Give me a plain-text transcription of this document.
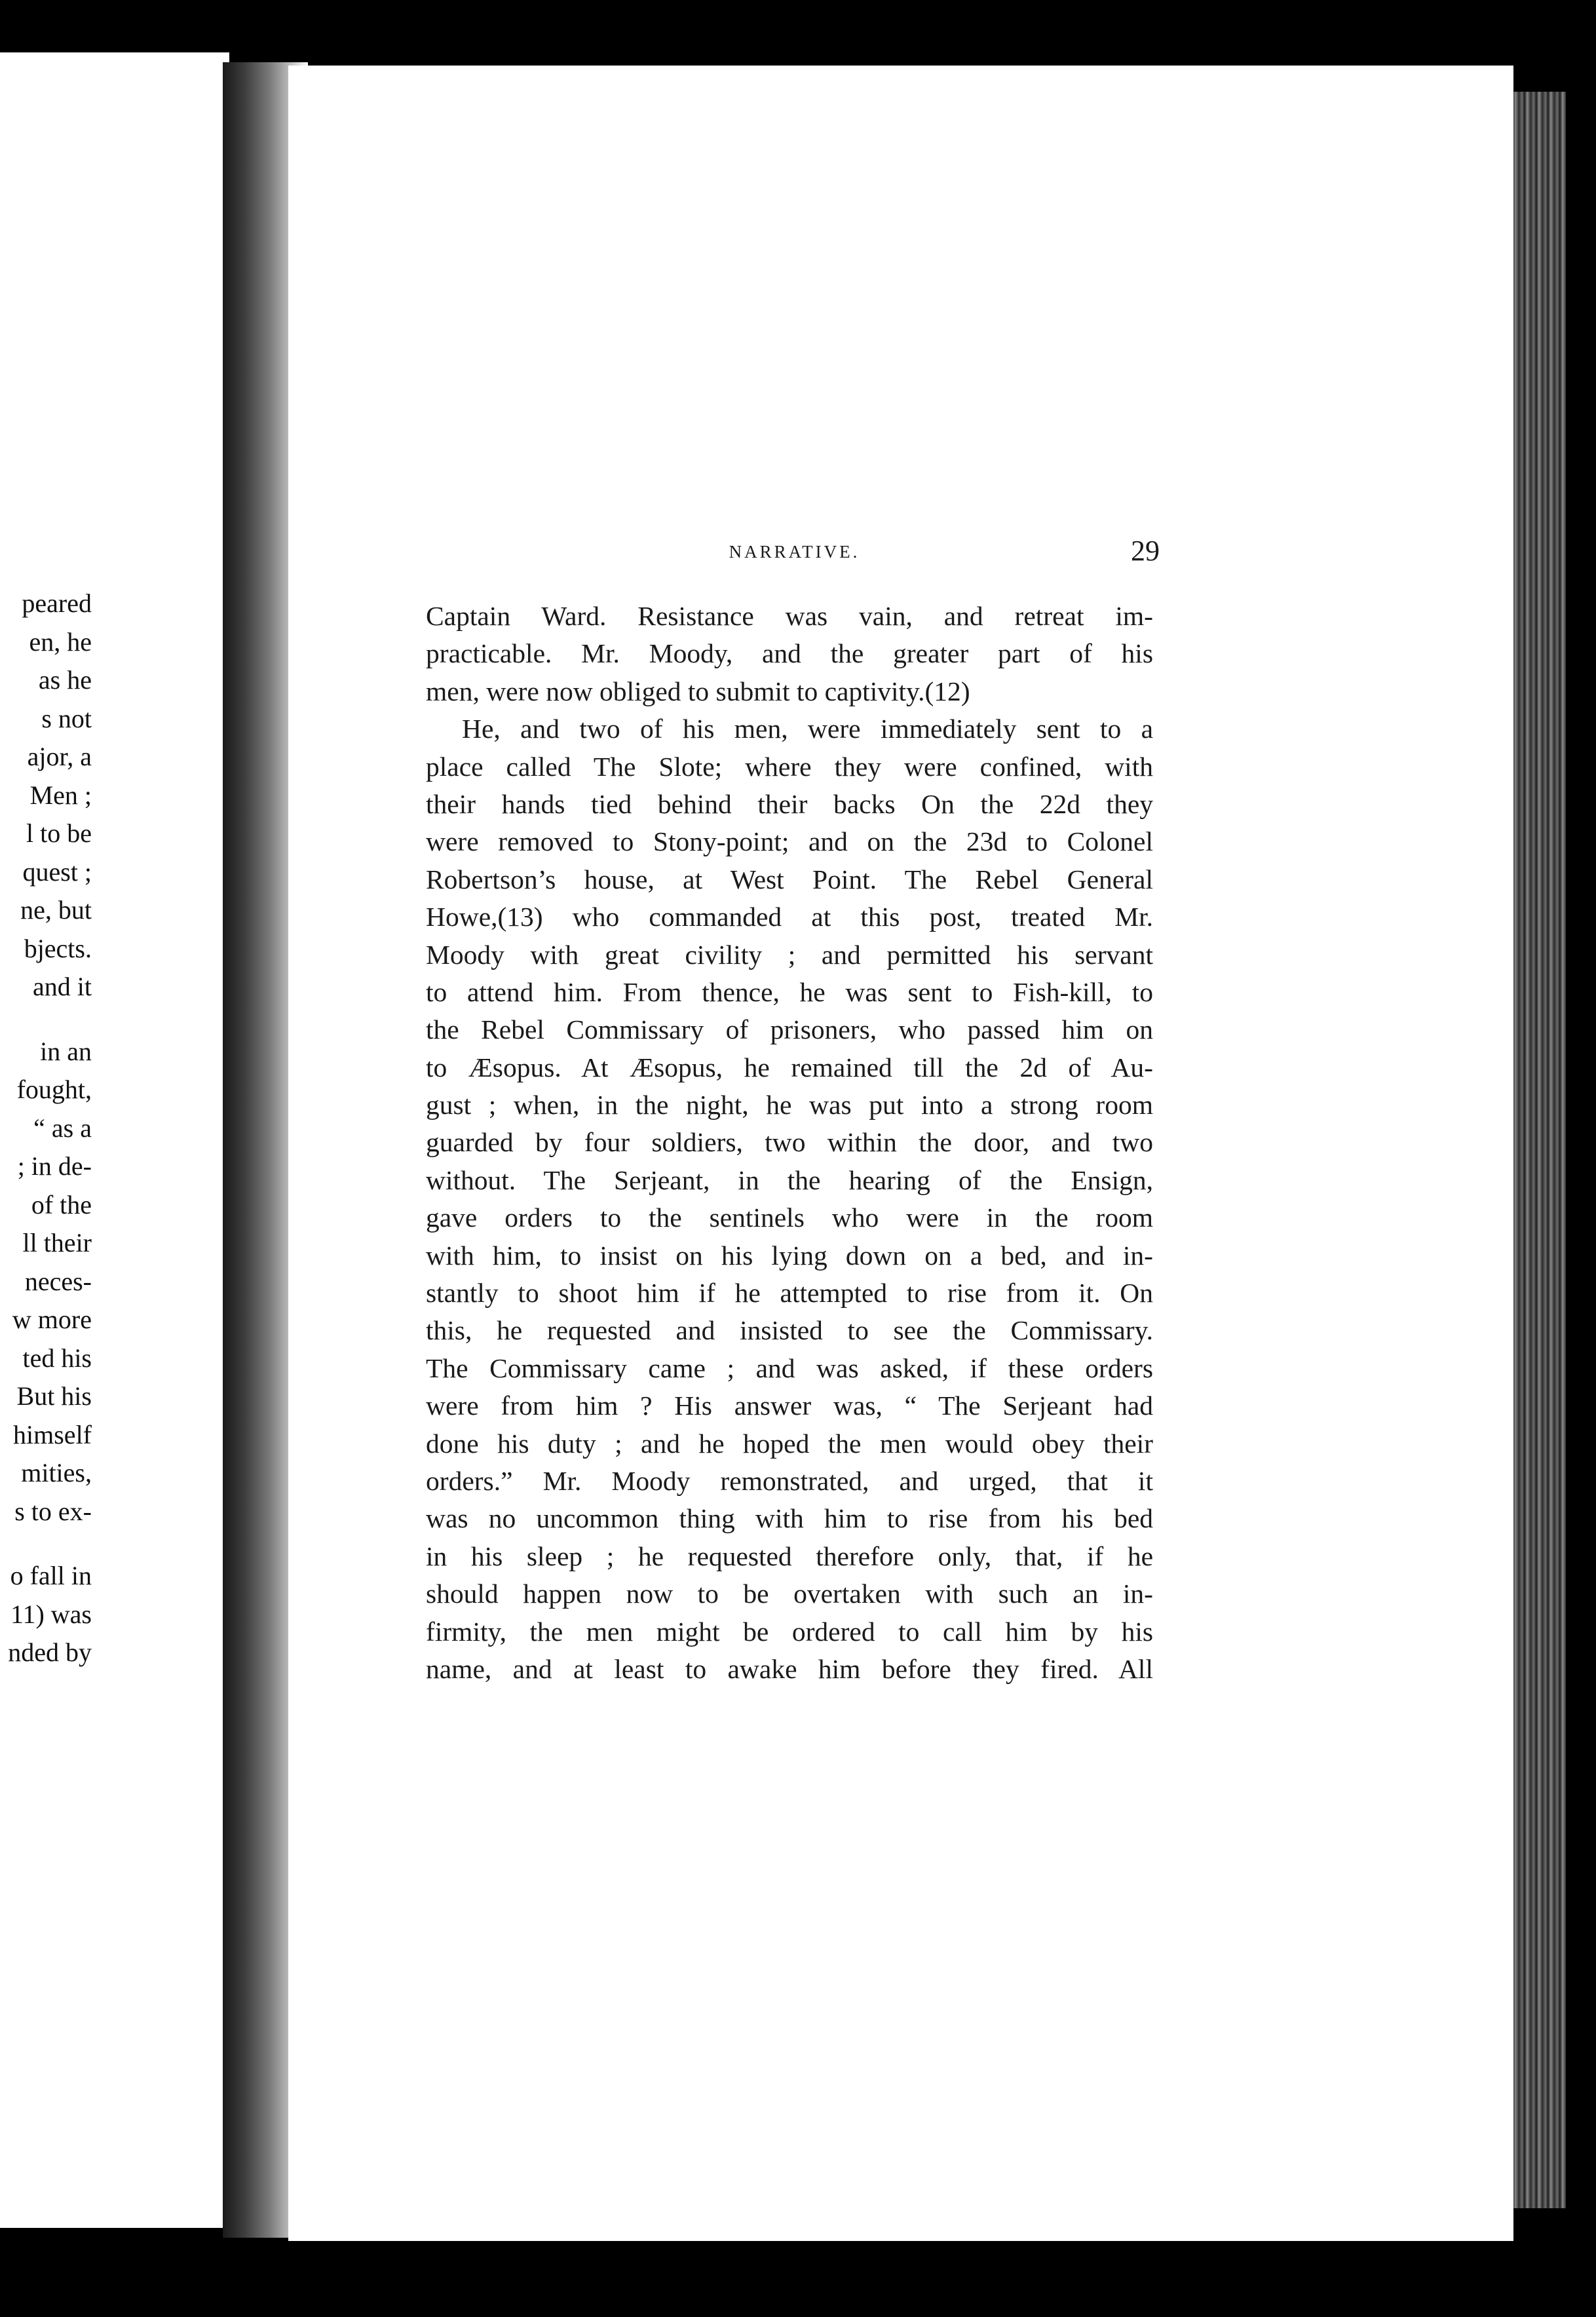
peared
en, he
as he
s not
ajor, a
Men ;
l to be
quest ;
ne, but
bjects.
and it
in an
fought,
“ as a
; in de-
of the
ll their
neces-
w more
ted his
But his
himself
mities,
s to ex-
o fall in
11) was
nded by
NARRATIVE.	29
Captain Ward. Resistance was vain, and retreat im-
practicable. Mr. Moody, and the greater part of his
men, were now obliged to submit to captivity.(12)
He, and two of his men, were immediately sent to a
place called The Slote; where they were confined, with
their hands tied behind their backs On the 22d they
were removed to Stony-point; and on the 23d to Colonel
Robertson’s house, at West Point. The Rebel General
Howe,(13) who commanded at this post, treated Mr.
Moody with great civility ; and permitted his servant
to attend him. From thence, he was sent to Fish-kill, to
the Rebel Commissary of prisoners, who passed him on
to Æsopus. At Æsopus, he remained till the 2d of Au-
gust ; when, in the night, he was put into a strong room
guarded by four soldiers, two within the door, and two
without. The Serjeant, in the hearing of the Ensign,
gave orders to the sentinels who were in the room
with him, to insist on his lying down on a bed, and in-
stantly to shoot him if he attempted to rise from it. On
this, he requested and insisted to see the Commissary.
The Commissary came ; and was asked, if these orders
were from him ? His answer was, “ The Serjeant had
done his duty ; and he hoped the men would obey their
orders.” Mr. Moody remonstrated, and urged, that it
was no uncommon thing with him to rise from his bed
in his sleep ; he requested therefore only, that, if he
should happen now to be overtaken with such an in-
firmity, the men might be ordered to call him by his
name, and at least to awake him before they fired. All
